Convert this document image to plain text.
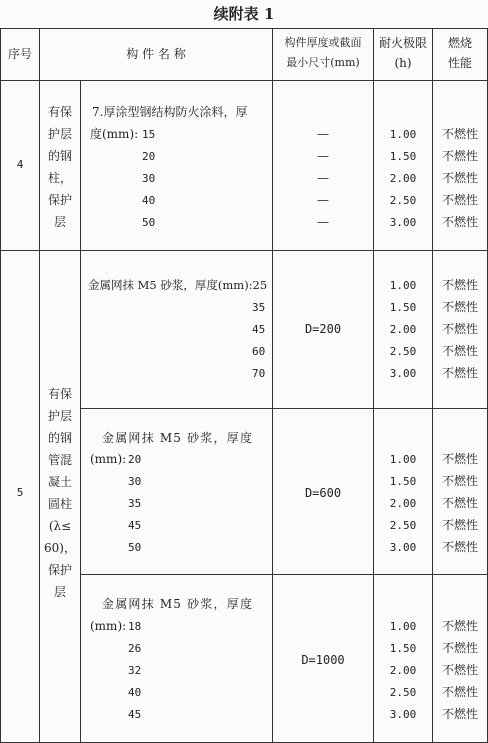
续附表 1
序号	构 件 名 称
构件厚度或截面
最小尺寸(mm)
耐火极限
(h)
燃烧
性能
4
有保
护层
的钢
柱，
保护
层
7.厚涂型钢结构防火涂料，厚
度(mm): 15
20
30
40
50
—
—
—
—
—
1.00
1.50
2.00
2.50
3.00
不燃性
不燃性
不燃性
不燃性
不燃性
5
有保
护层
的钢
管混
凝土
圆柱
(λ≤
60)，
保护
层
金属网抹 M5 砂浆，厚度(mm):25
35
45
60
70
D=200
1.00
1.50
2.00
2.50
3.00
不燃性
不燃性
不燃性
不燃性
不燃性
金属网抹 M5 砂浆，厚度
(mm): 20
30
35
45
50
D=600
1.00
1.50
2.00
2.50
3.00
不燃性
不燃性
不燃性
不燃性
不燃性
金属网抹 M5 砂浆，厚度
(mm): 18
26
32
40
45
D=1000
1.00
1.50
2.00
2.50
3.00
不燃性
不燃性
不燃性
不燃性
不燃性
